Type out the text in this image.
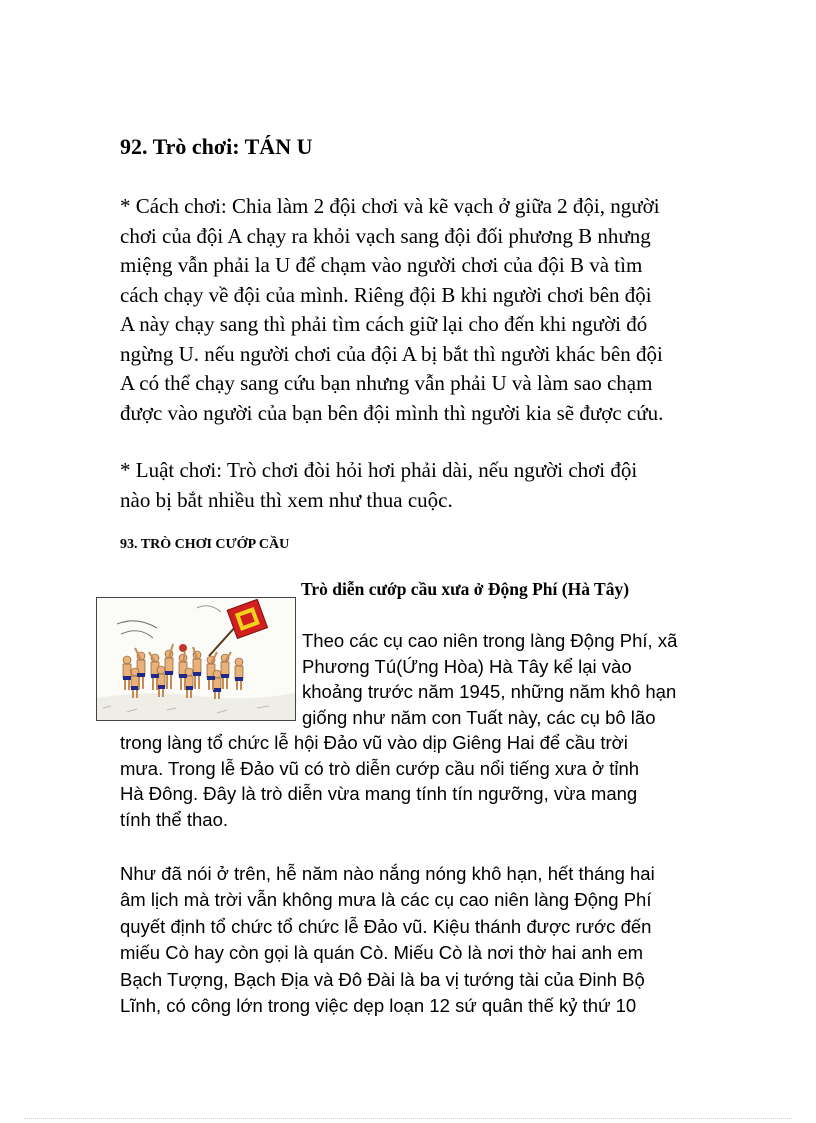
92. Trò chơi: TÁN U

* Cách chơi: Chia làm 2 đội chơi và kẽ vạch ở giữa 2 đội, người
chơi của đội A chạy ra khỏi vạch sang đội đối phương B nhưng
miệng vẫn phải la U để chạm vào người chơi của đội B và tìm
cách chạy về đội của mình. Riêng đội B khi người chơi bên đội
A này chạy sang thì phải tìm cách giữ lại cho đến khi người đó
ngừng U. nếu người chơi của đội A bị bắt thì người khác bên đội
A có thể chạy sang cứu bạn nhưng vẫn phải U và làm sao chạm
được vào người của bạn bên đội mình thì người kia sẽ được cứu.

* Luật chơi: Trò chơi đòi hỏi hơi phải dài, nếu người chơi đội
nào bị bắt nhiều thì xem như thua cuộc.

93. TRÒ CHƠI CƯỚP CẦU

Trò diễn cướp cầu xưa ở Động Phí (Hà Tây)

Theo các cụ cao niên trong làng Động Phí, xã
Phương Tú(Ứng Hòa) Hà Tây kể lại vào
khoảng trước năm 1945, những năm khô hạn
giống như năm con Tuất này, các cụ bô lão

trong làng tổ chức lễ hội Đảo vũ vào dịp Giêng Hai để cầu trời
mưa. Trong lễ Đảo vũ có trò diễn cướp cầu nổi tiếng xưa ở tỉnh
Hà Đông. Đây là trò diễn vừa mang tính tín ngưỡng, vừa mang
tính thể thao.

Như đã nói ở trên, hễ năm nào nắng nóng khô hạn, hết tháng hai
âm lịch mà trời vẫn không mưa là các cụ cao niên làng Động Phí
quyết định tổ chức tổ chức lễ Đảo vũ. Kiệu thánh được rước đến
miếu Cò hay còn gọi là quán Cò. Miếu Cò là nơi thờ hai anh em
Bạch Tượng, Bạch Địa và Đô Đài là ba vị tướng tài của Đinh Bộ
Lĩnh, có công lớn trong việc dẹp loạn 12 sứ quân thế kỷ thứ 10
